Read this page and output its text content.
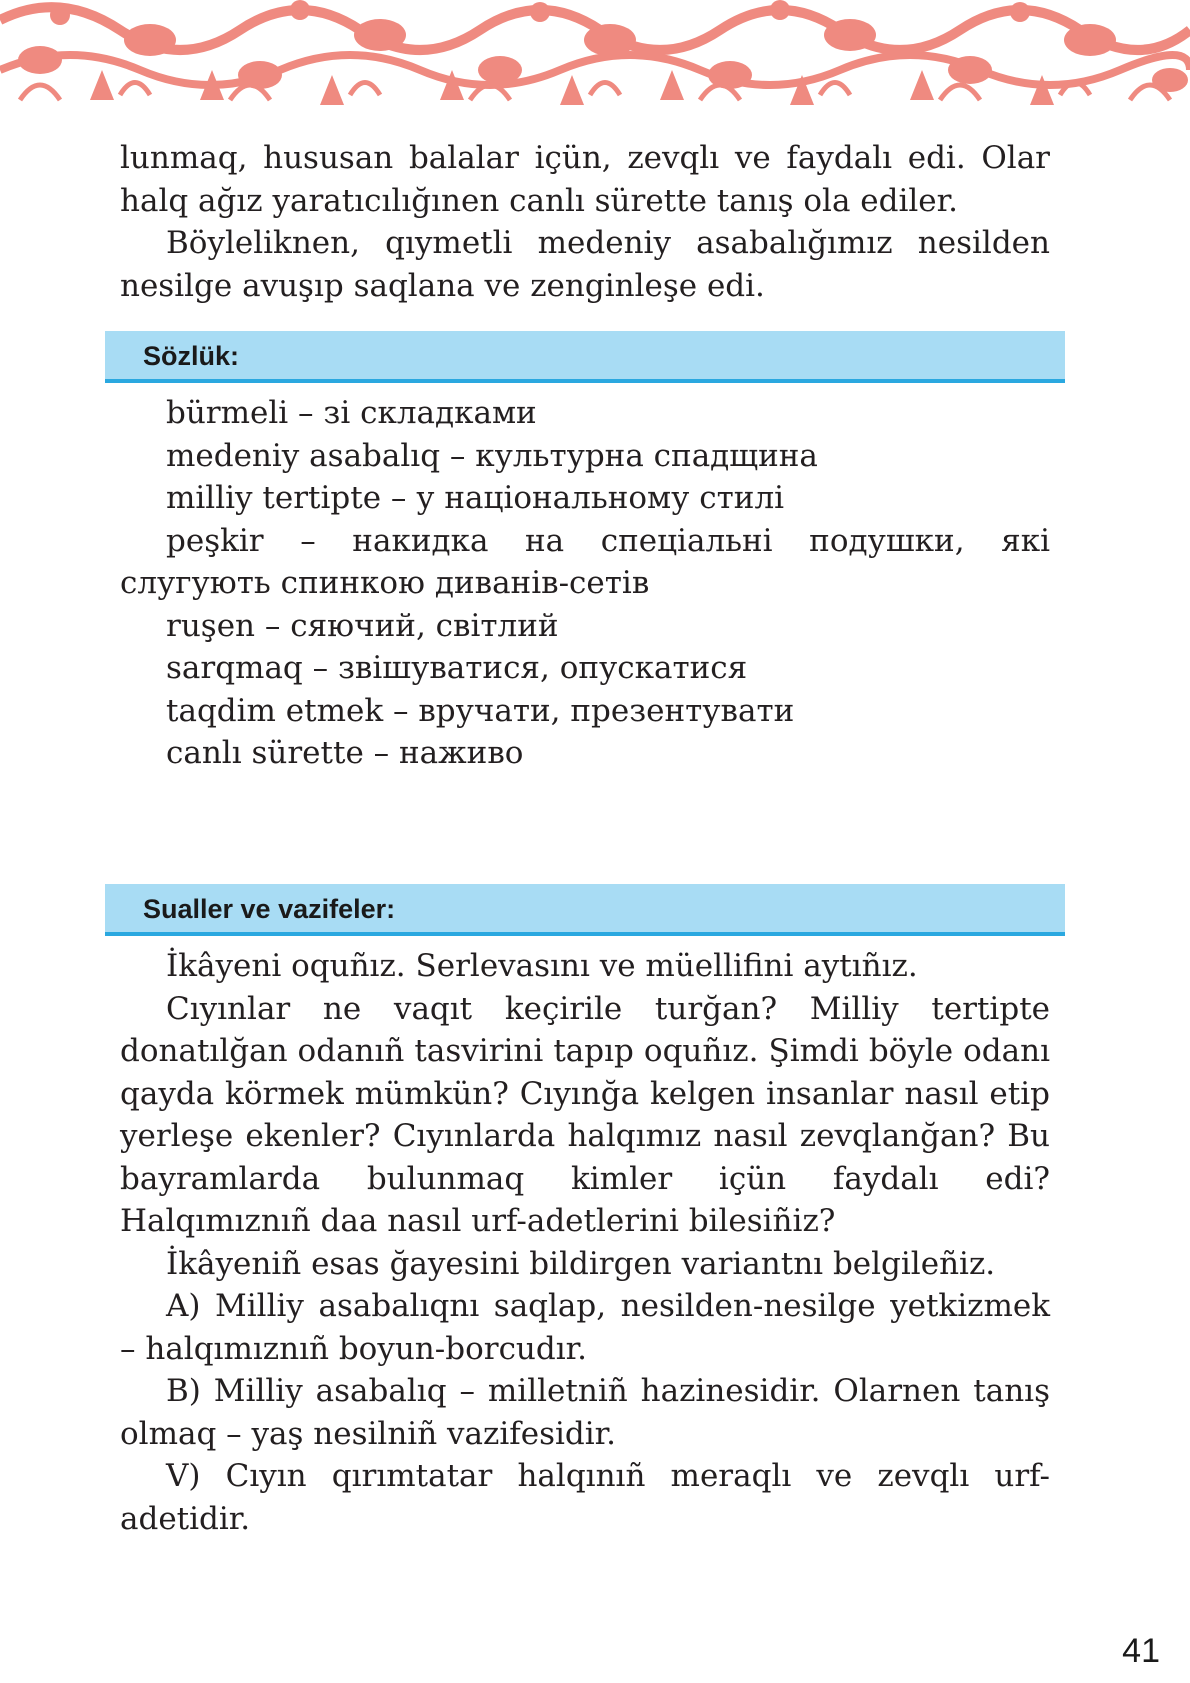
lunmaq, hususan balalar içün, zevqlı ve faydalı edi. Olar halq ağız yaratıcılığınen canlı sürette tanış ola ediler.

Böyleliknen, qıymetli medeniy asabalığımız nesilden nesilge avuşıp saqlana ve zenginleşe edi.

Sözlük:
bürmeli – зі складками
medeniy asabalıq – культурна спадщина
milliy tertipte – у національному стилі
peşkir – накидка на спеціальні подушки, які слугують спинкою диванів-сетів
ruşen – сяючий, світлий
sarqmaq – звішуватися, опускатися
taqdim etmek – вручати, презентувати
canlı sürette – наживо
Sualler ve vazifeler:

İkâyeni oquñız. Serlevasını ve müellifini aytıñız.

Cıyınlar ne vaqıt keçirile turğan? Milliy tertipte donatılğan odanıñ tasvirini tapıp oquñız. Şimdi böyle odanı qayda körmek mümkün? Cıyınğa kelgen insanlar nasıl etip yerleşe ekenler? Cıyınlarda halqımız nasıl zevqlanğan? Bu bayramlarda bulunmaq kimler içün faydalı edi? Halqımıznıñ daa nasıl urf-adetlerini bilesiñiz?

İkâyeniñ esas ğayesini bildirgen variantnı belgileñiz.

A) Milliy asabalıqnı saqlap, nesilden-nesilge yetkizmek – halqımıznıñ boyun-borcudır.

B) Milliy asabalıq – milletniñ hazinesidir. Olarnen tanış olmaq – yaş nesilniñ vazifesidir.

V) Cıyın qırımtatar halqınıñ meraqlı ve zevqlı urf-adetidir.

41
